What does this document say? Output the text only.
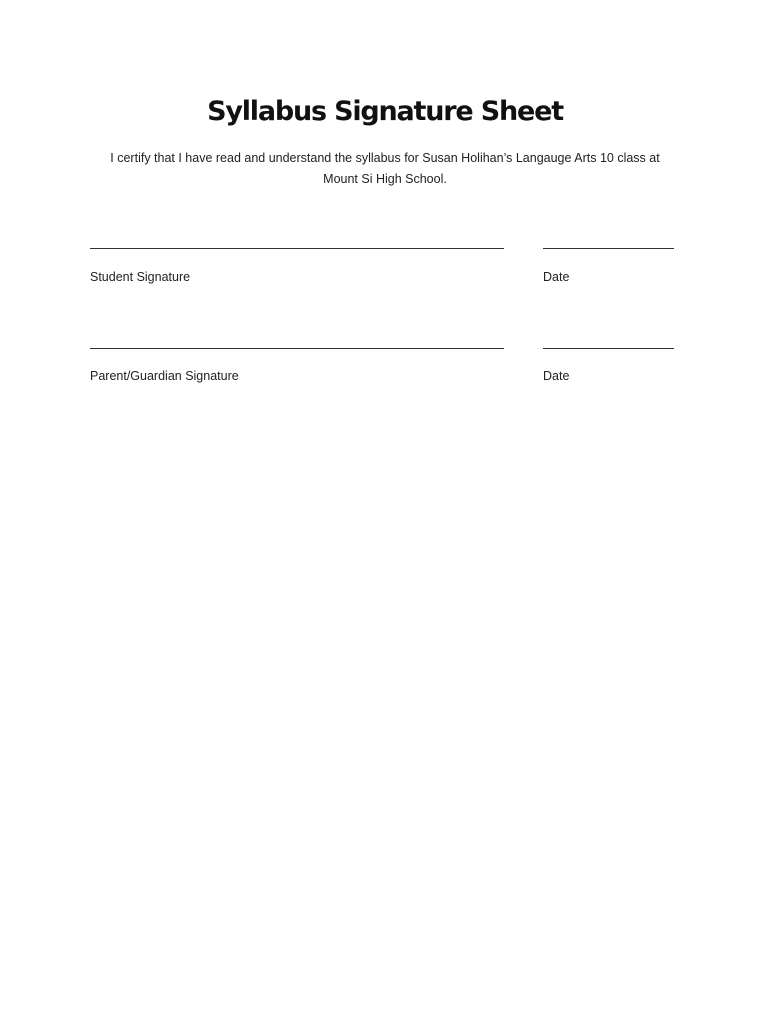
Syllabus Signature Sheet

I certify that I have read and understand the syllabus for Susan Holihan’s Langauge Arts 10 class at Mount Si High School.

Student Signature	Date
Parent/Guardian Signature	Date
